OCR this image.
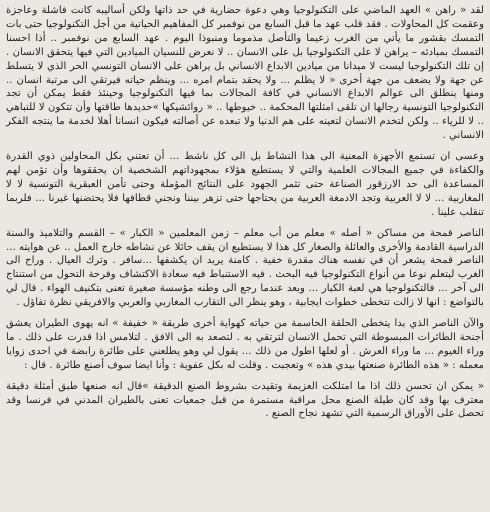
لقد « راهن » العهد الماضي على التكنولوجيا وهي دعوة حضارية في حد ذاتها ولكن أساليبه كانت فاشلة وعاجزة وعقمت كل المحاولات . فقد قلب عهد ما قبل السابع من نوفمبر كل المفاهيم الحياتية من أجل التكنولوجيا حتى بات التمسك بقشور ما يأتي من الغرب زعيما والتأصل مذموما ومنبوذا اليوم . عهد السابع من نوفمبر .. أذا احسنا التمسك بمبادئه – يراهن لا على التكنولوجيا بل على الانسان .. لا نعرض للنسيان الميادين التي فيها يتحقق الانسان . إن تلك التكنولوجيا ليست لا ميدانا من ميادين الابداع الانساني بل يراهن على الانسان التونسي الحر الذي لا يتسلط عن جهة ولا يضعف من جهة أخرى « لا يظلم ... ولا يحقد بتمام امره ... وينظم حياته فيرتقي الى مرتبة انسان .. ومنها ينطلق الى عوالم الابداع الانساني في كافة المجالات بما فيها التكنولوجيا وحينئذ فقط يمكن أن تجد التكنولوجيا التونسية رجالها ان تلقى امثلتها المحكمة .. خيوطها .. « روائشيكها »حديدها طاقتها وأن تتكون لا للتباهي .. لا للرياء .. ولكن لتخدم الانسان لتعينه على هم الدنيا ولا تبعده عن أصالته فيكون انسانا أهلا لخدمة ما ينتجه الفكر الانساني .

وعسى ان تستمع الأجهزة المعنية الى هذا النشاط بل الى كل ناشط ... أن تعتني بكل المحاولين ذوي القدرة والكفاءة في جميع المجالات العلمية والتي لا يستطيع هؤلاء بمجهوداتهم الشخصية ان يحققوها وأن تؤمن لهم المساعدة الى حد الارزقور الصناعة حتى تثمر الجهود على النتائج المؤملة وحتى تأمن العبقرية التونسية لا لا المغاربية ... لا لا العربية وتجد الادمغة العربية من يحتاجها حتى تزهر بيننا ونجني قطافها فلا يحتضنها غيرنا ... فلربما تنقلب علينا .

الناصر قمحة من مساكن « أصله » معلم من أب معلم – زمن المعلمين « الكبار » – القسم والتلاميذ والسنة الدراسية القادمة والأخرى والعائلة والصغار كل هذا لا يستطيع ان يقف حائلا عن نشاطه خارج العمل .. عن هوايته ... الناصر قمحة يشعر أن في نفسه هناك مقدرة خفية . كامنة يريد ان يكشفها ...سافر . وترك العيال . وراح الى الغرب ليتعلم نوعا من أنواع التكنولوجيا فيه البحث . فيه الاستنباط فيه سعادة الاكتشاف وفرحة التحول من استنتاج الى آخر ... فالتكنولوجيا هي لعبة الكبار ... وبعد عندما رجع الى وطنه مؤسسة صغيرة تعنى بتكنيف الهواء . قال لي بالتواضع : انها لا زالت تتخطى خطوات ايجابية ، وهو ينظر الى التقارب المغاربي والعربي والافريقي نظرة تفاؤل .

والآن الناصر الذي بدا يتخطى الحلقة الحاسمة من حياته كهواية أخرى طريقة « خفيفة » انه يهوى الطيران يعشق أجنحة الطائرات المبسوطة التي تحمل الانسان لترتقي به . لتصعد به الى الافق . لتلامس اذا قدرت على ذلك . ما وراء الغيوم ... ما وراء العرش . أو لعلها اطول من ذلك ... يقول لي وهو يطلعني على طائرة رابضة في احدى زوايا معمله : « هذه الطائرة صنعتها بيدي هذه » وتعجبت . وقلت له بكل عفوية : وأنا ايضا سوف أصنع طائرة . قال :

« يمكن ان تحسن ذلك اذا ما امتلكت العزيمة وتقيدت بشروط الصنع الدقيقة »قال انه صنعها طبق أمثلة دقيقة معترف بها وقد كان طيلة الصنع محل مراقبة مستمرة من قبل جمعيات تعنى بالطيران المدني في فرنسا وقد تحصل على الأوراق الرسمية التي تشهد نجاح الصنع .
